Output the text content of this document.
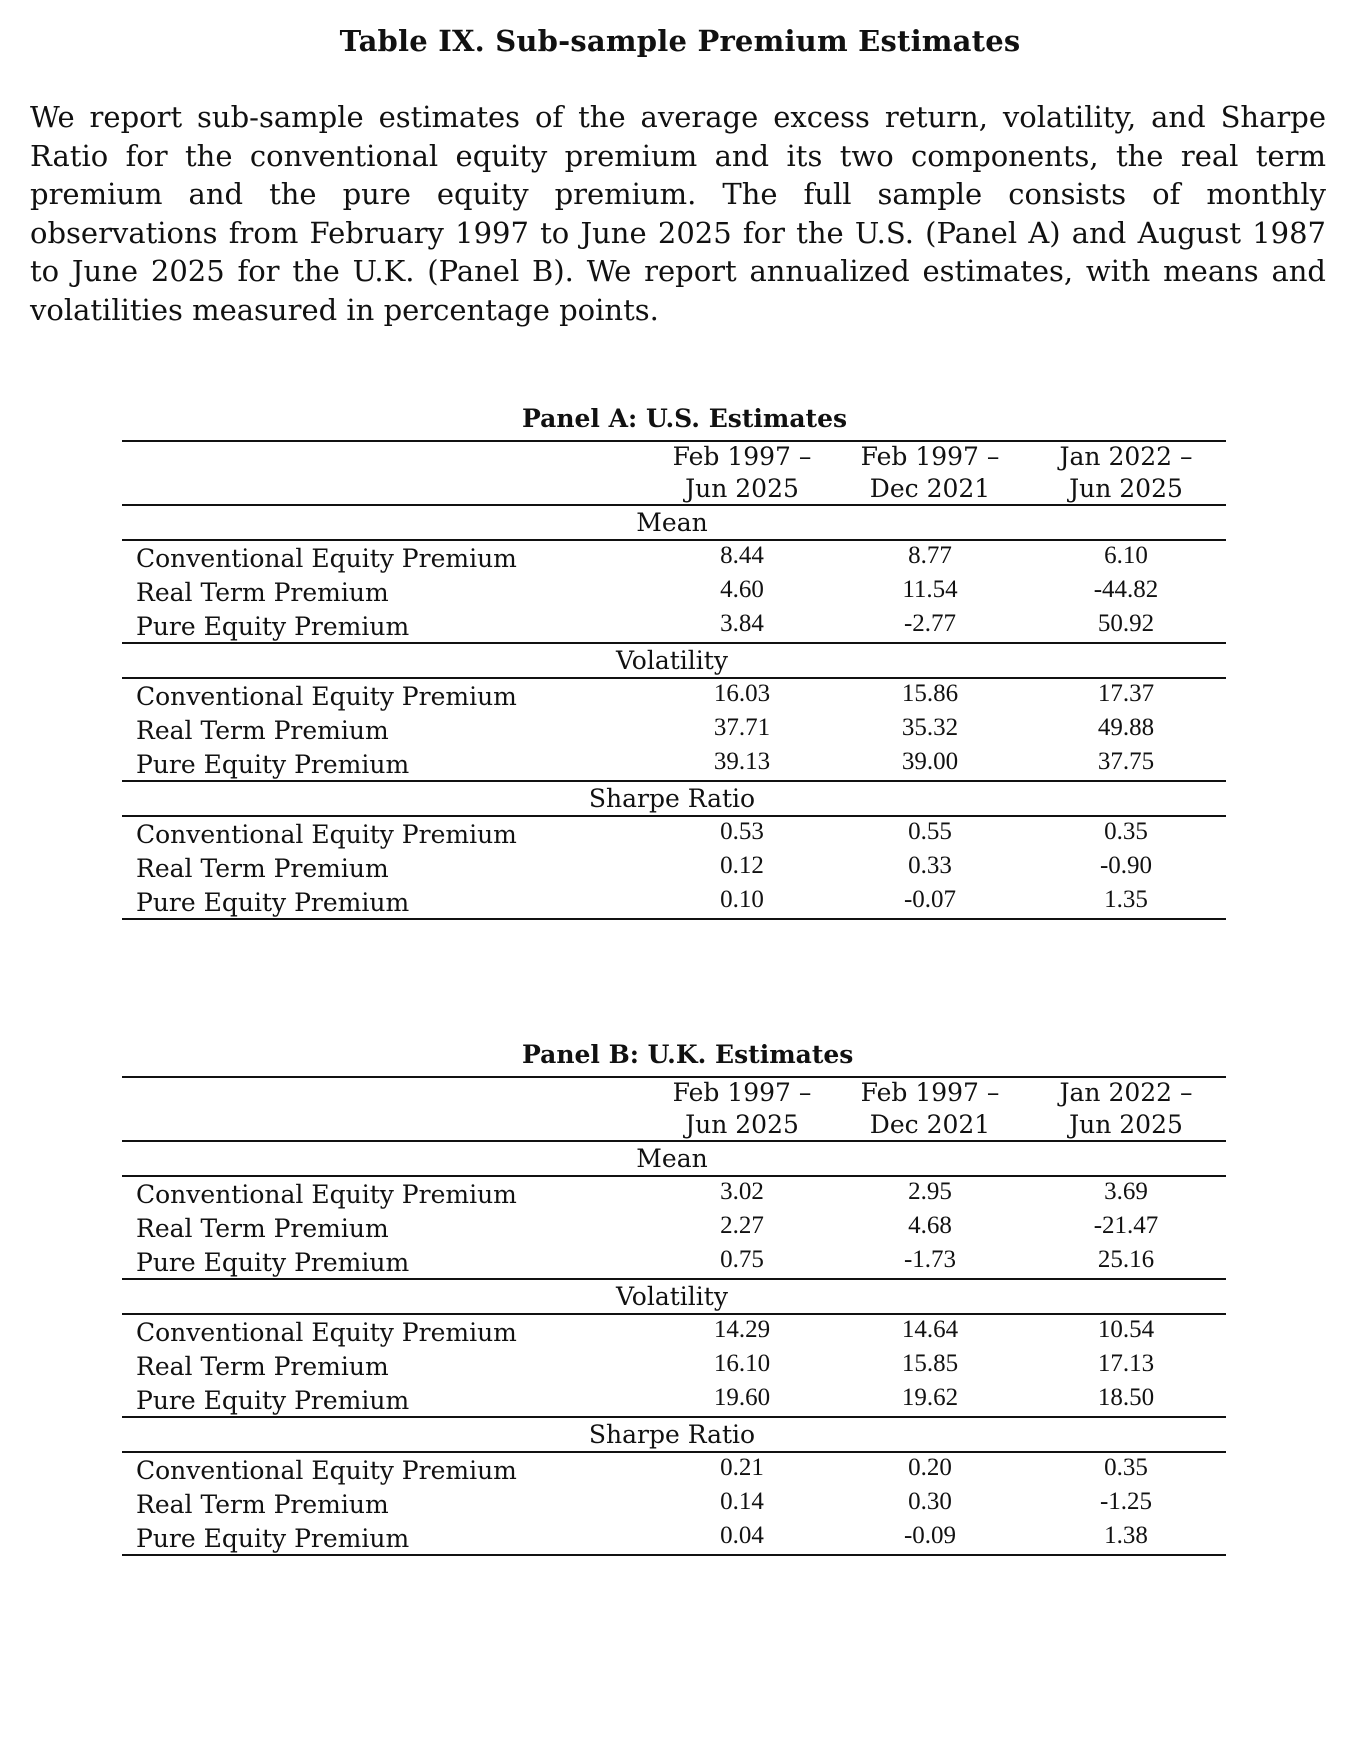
Table IX. Sub-sample Premium Estimates
We report sub-sample estimates of the average excess return, volatility, and Sharpe Ratio for the conventional equity premium and its two components, the real term premium and the pure equity premium. The full sample consists of monthly observations from February 1997 to June 2025 for the U.S. (Panel A) and August 1987 to June 2025 for the U.K. (Panel B). We report annualized estimates, with means and volatilities measured in percentage points.
Panel A: U.S. Estimates
Feb 1997 –
Jun 2025
Feb 1997 –
Dec 2021
Jan 2022 –
Jun 2025
Mean
Conventional Equity Premium	8.44	8.77	6.10
Real Term Premium	4.60	11.54	-44.82
Pure Equity Premium	3.84	-2.77	50.92
Volatility
Conventional Equity Premium	16.03	15.86	17.37
Real Term Premium	37.71	35.32	49.88
Pure Equity Premium	39.13	39.00	37.75
Sharpe Ratio
Conventional Equity Premium	0.53	0.55	0.35
Real Term Premium	0.12	0.33	-0.90
Pure Equity Premium	0.10	-0.07	1.35
Panel B: U.K. Estimates
Feb 1997 –
Jun 2025
Feb 1997 –
Dec 2021
Jan 2022 –
Jun 2025
Mean
Conventional Equity Premium	3.02	2.95	3.69
Real Term Premium	2.27	4.68	-21.47
Pure Equity Premium	0.75	-1.73	25.16
Volatility
Conventional Equity Premium	14.29	14.64	10.54
Real Term Premium	16.10	15.85	17.13
Pure Equity Premium	19.60	19.62	18.50
Sharpe Ratio
Conventional Equity Premium	0.21	0.20	0.35
Real Term Premium	0.14	0.30	-1.25
Pure Equity Premium	0.04	-0.09	1.38
